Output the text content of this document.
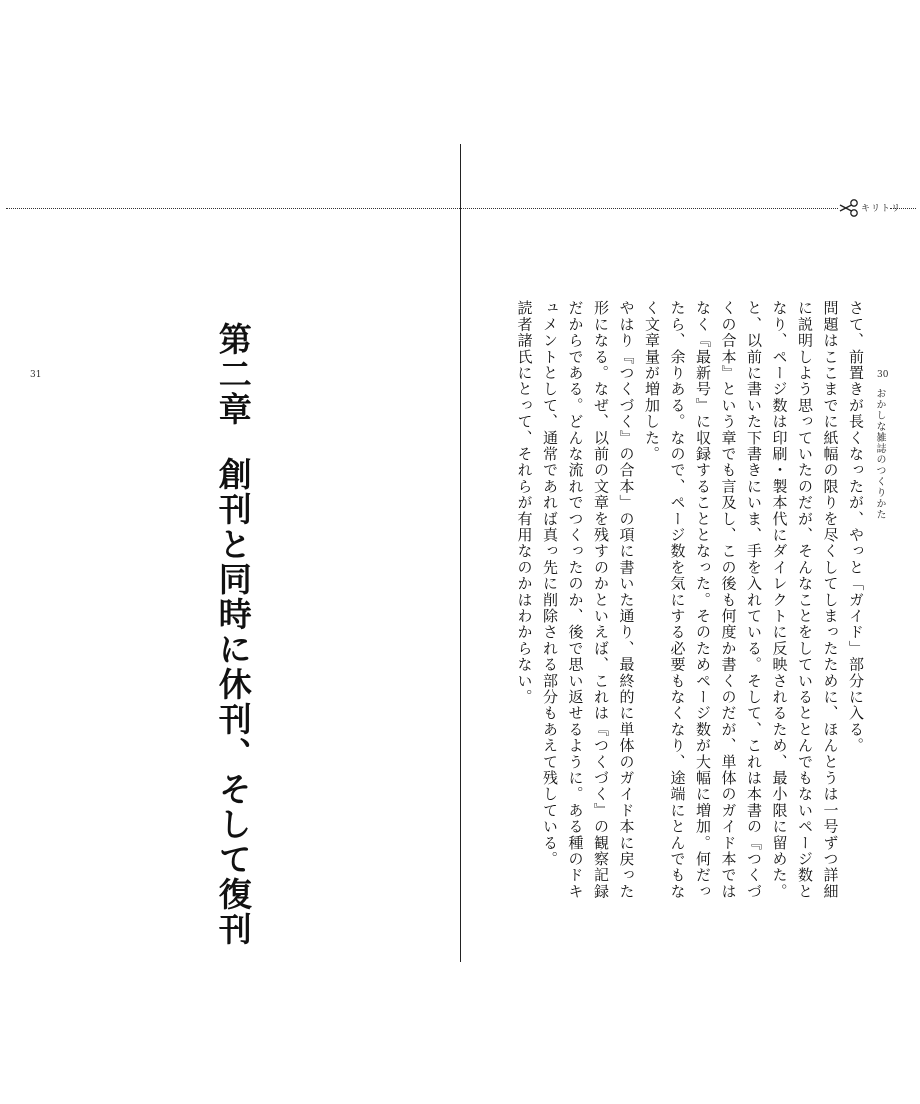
キリトリ
31	30
おかしな雑誌のつくりかた
第二章創刊と同時に休刊、そして復刊	さて、前置きが長くなったが、やっと「ガイド」部分に入る。

問題はここまでに紙幅の限りを尽くしてしまったために、ほんとうは一号ずつ詳細に説明しよう思っていたのだが、そんなことをしているととんでもないページ数となり、ページ数は印刷・製本代にダイレクトに反映されるため、最小限に留めた。

と、以前に書いた下書きにいま、手を入れている。そして、これは本書の『つくづくの合本』という章でも言及し、この後も何度か書くのだが、単体のガイド本ではなく『最新号』に収録することとなった。そのためページ数が大幅に増加。何だったら、余りある。なので、ページ数を気にする必要もなくなり、途端にとんでもなく文章量が増加した。

やはり『つくづく』の合本」の項に書いた通り、最終的に単体のガイド本に戻った形になる。なぜ、以前の文章を残すのかといえば、これは『つくづく』の観察記録だからである。どんな流れでつくったのか、後で思い返せるように。ある種のドキュメントとして、通常であれば真っ先に削除される部分もあえて残している。

読者諸氏にとって、それらが有用なのかはわからない。
